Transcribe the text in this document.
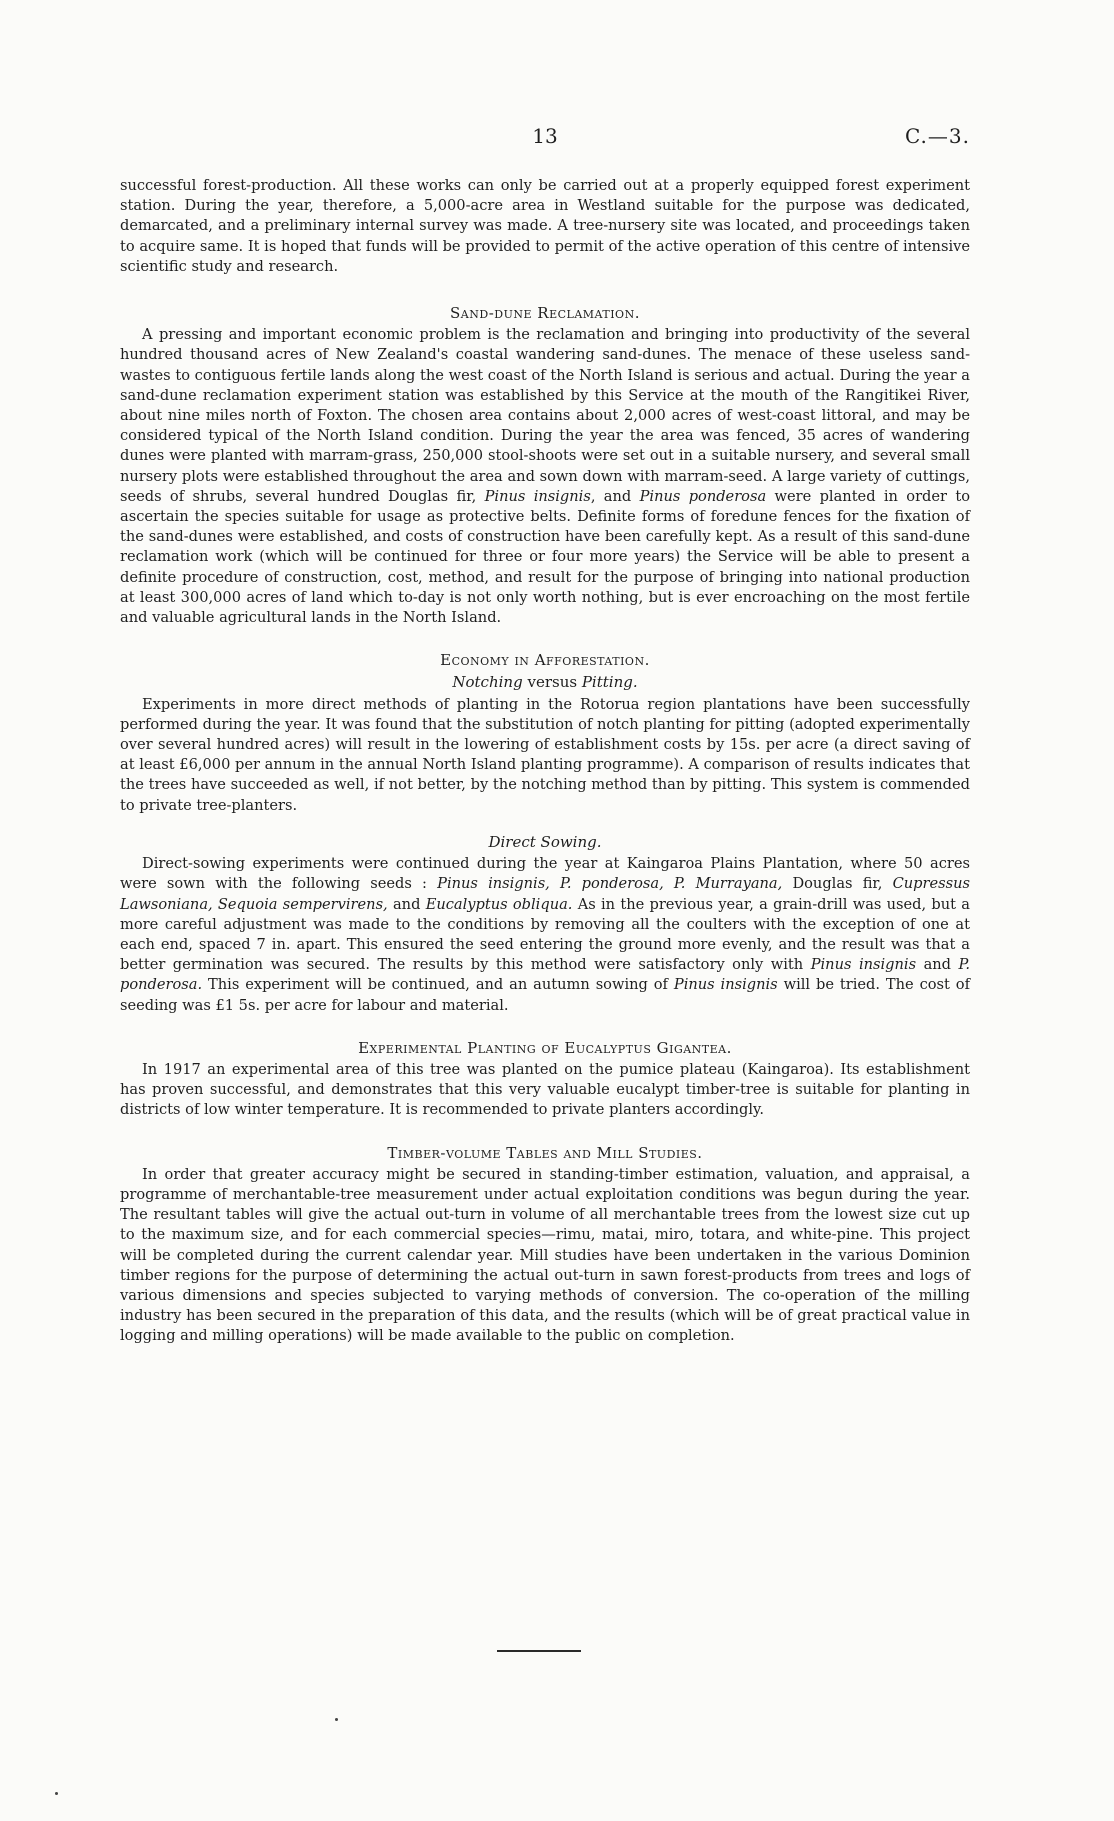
13	C.—3.

successful forest-production. All these works can only be carried out at a properly equipped forest experiment station. During the year, therefore, a 5,000-acre area in Westland suitable for the purpose was dedicated, demarcated, and a preliminary internal survey was made. A tree-nursery site was located, and proceedings taken to acquire same. It is hoped that funds will be provided to permit of the active operation of this centre of intensive scientific study and research.

Sand-dune Reclamation.

A pressing and important economic problem is the reclamation and bringing into productivity of the several hundred thousand acres of New Zealand's coastal wandering sand-dunes. The menace of these useless sand-wastes to contiguous fertile lands along the west coast of the North Island is serious and actual. During the year a sand-dune reclamation experiment station was established by this Service at the mouth of the Rangitikei River, about nine miles north of Foxton. The chosen area contains about 2,000 acres of west-coast littoral, and may be considered typical of the North Island condition. During the year the area was fenced, 35 acres of wandering dunes were planted with marram-grass, 250,000 stool-shoots were set out in a suitable nursery, and several small nursery plots were established throughout the area and sown down with marram-seed. A large variety of cuttings, seeds of shrubs, several hundred Douglas fir, Pinus insignis, and Pinus ponderosa were planted in order to ascertain the species suitable for usage as protective belts. Definite forms of foredune fences for the fixation of the sand-dunes were established, and costs of construction have been carefully kept. As a result of this sand-dune reclamation work (which will be continued for three or four more years) the Service will be able to present a definite procedure of construction, cost, method, and result for the purpose of bringing into national production at least 300,000 acres of land which to-day is not only worth nothing, but is ever encroaching on the most fertile and valuable agricultural lands in the North Island.

Economy in Afforestation.
Notching versus Pitting.

Experiments in more direct methods of planting in the Rotorua region plantations have been successfully performed during the year. It was found that the substitution of notch planting for pitting (adopted experimentally over several hundred acres) will result in the lowering of establishment costs by 15s. per acre (a direct saving of at least £6,000 per annum in the annual North Island planting programme). A comparison of results indicates that the trees have succeeded as well, if not better, by the notching method than by pitting. This system is commended to private tree-planters.

Direct Sowing.

Direct-sowing experiments were continued during the year at Kaingaroa Plains Plantation, where 50 acres were sown with the following seeds : Pinus insignis, P. ponderosa, P. Murrayana, Douglas fir, Cupressus Lawsoniana, Sequoia sempervirens, and Eucalyptus obliqua. As in the previous year, a grain-drill was used, but a more careful adjustment was made to the conditions by removing all the coulters with the exception of one at each end, spaced 7 in. apart. This ensured the seed entering the ground more evenly, and the result was that a better germination was secured. The results by this method were satisfactory only with Pinus insignis and P. ponderosa. This experiment will be continued, and an autumn sowing of Pinus insignis will be tried. The cost of seeding was £1 5s. per acre for labour and material.

Experimental Planting of Eucalyptus Gigantea.

In 1917 an experimental area of this tree was planted on the pumice plateau (Kaingaroa). Its establishment has proven successful, and demonstrates that this very valuable eucalypt timber-tree is suitable for planting in districts of low winter temperature. It is recommended to private planters accordingly.

Timber-volume Tables and Mill Studies.

In order that greater accuracy might be secured in standing-timber estimation, valuation, and appraisal, a programme of merchantable-tree measurement under actual exploitation conditions was begun during the year. The resultant tables will give the actual out-turn in volume of all merchantable trees from the lowest size cut up to the maximum size, and for each commercial species—rimu, matai, miro, totara, and white-pine. This project will be completed during the current calendar year. Mill studies have been undertaken in the various Dominion timber regions for the purpose of determining the actual out-turn in sawn forest-products from trees and logs of various dimensions and species subjected to varying methods of conversion. The co-operation of the milling industry has been secured in the preparation of this data, and the results (which will be of great practical value in logging and milling operations) will be made available to the public on completion.
